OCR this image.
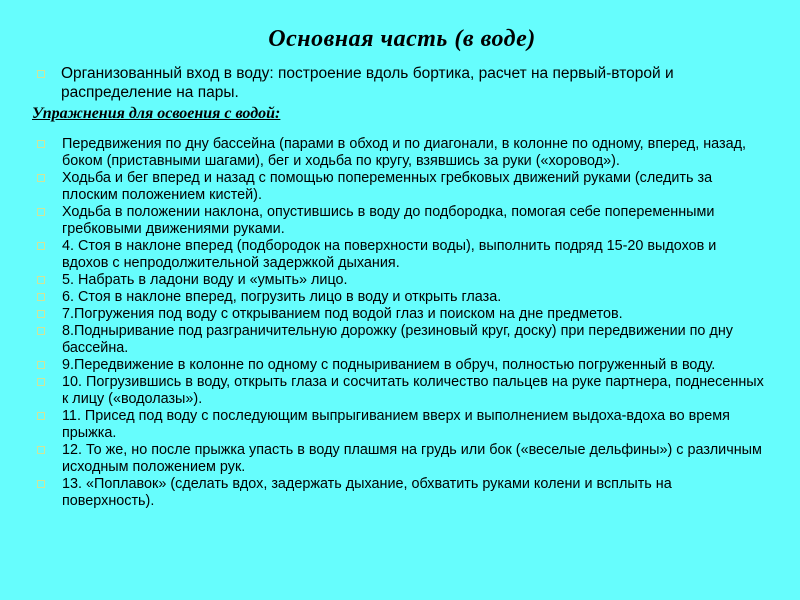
Основная часть (в воде)
Организованный вход в воду: построение вдоль бортика, расчет на первый-второй и распределение на пары.
Упражнения для освоения с водой:
Передвижения по дну бассейна (парами в обход и по диагонали, в колонне по одному, вперед, назад, боком (приставными шагами), бег и ходьба по кругу, взявшись за руки («хоровод»).
Ходьба и бег вперед и назад с помощью попеременных гребковых движений руками (следить за плоским положением кистей).
Ходьба в положении наклона, опустившись в воду до подбородка, помогая себе попеременными гребковыми движениями руками.
4. Стоя в наклоне вперед (подбородок на поверхности воды), выполнить подряд 15-20 выдохов и вдохов с непродолжительной задержкой дыхания.
5. Набрать в ладони воду и «умыть» лицо.
6. Стоя в наклоне вперед, погрузить лицо в воду и открыть глаза.
7.Погружения под воду с открыванием под водой глаз и поиском на дне предметов.
8.Подныривание под разграничительную дорожку (резиновый круг, доску) при передвижении по дну бассейна.
9.Передвижение в колонне по одному с подныриванием в обруч, полностью погруженный в воду.
10. Погрузившись в воду, открыть глаза и сосчитать количество пальцев на руке партнера, поднесенных к лицу («водолазы»).
11. Присед под воду с последующим выпрыгиванием вверх и выполнением выдоха-вдоха во время прыжка.
12. То же, но после прыжка упасть в воду плашмя на грудь или бок («веселые дельфины») с различным исходным положением рук.
13. «Поплавок» (сделать вдох, задержать дыхание, обхватить руками колени и всплыть на поверхность).
